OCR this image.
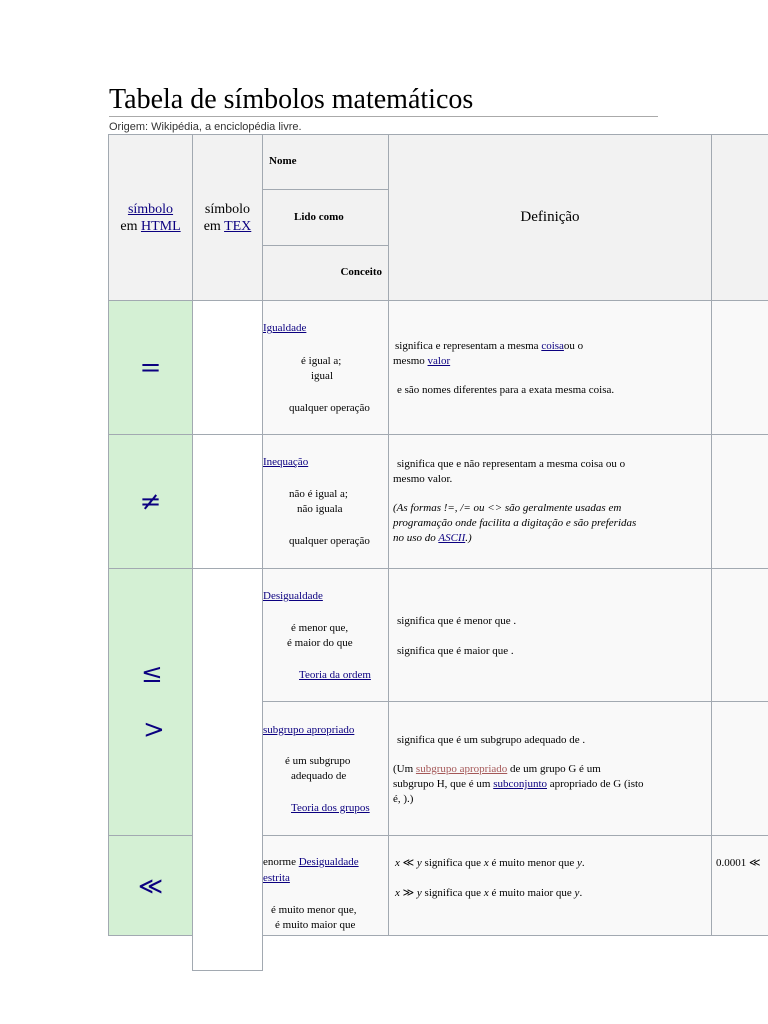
Tabela de símbolos matemáticos
Origem: Wikipédia, a enciclopédia livre.
símbolo
em HTML
símbolo
em TEX
Nome
Lido como
Conceito
Definição
=
Igualdade
é igual a;
igual
qualquer operação
significa e representam a mesma coisaou o
mesmo valor
e são nomes diferentes para a exata mesma coisa.
≠
Inequação
não é igual a;
não iguala
qualquer operação
significa que e não representam a mesma coisa ou o
mesmo valor.
(As formas !=, /= ou <> são geralmente usadas em
programação onde facilita a digitação e são preferidas
no uso do ASCII.)
≤
>
Desigualdade
é menor que,
é maior do que
Teoria da ordem
significa que é menor que .
significa que é maior que .
subgrupo apropriado
é um subgrupo
adequado de
Teoria dos grupos
significa que é um subgrupo adequado de .
(Um subgrupo apropriado de um grupo G é um
subgrupo H, que é um subconjunto apropriado de G (isto
é, ).)
≪
enorme Desigualdade
estrita
é muito menor que,
é muito maior que
x ≪ y significa que x é muito menor que y.
x ≫ y significa que x é muito maior que y.
0.0001 ≪
